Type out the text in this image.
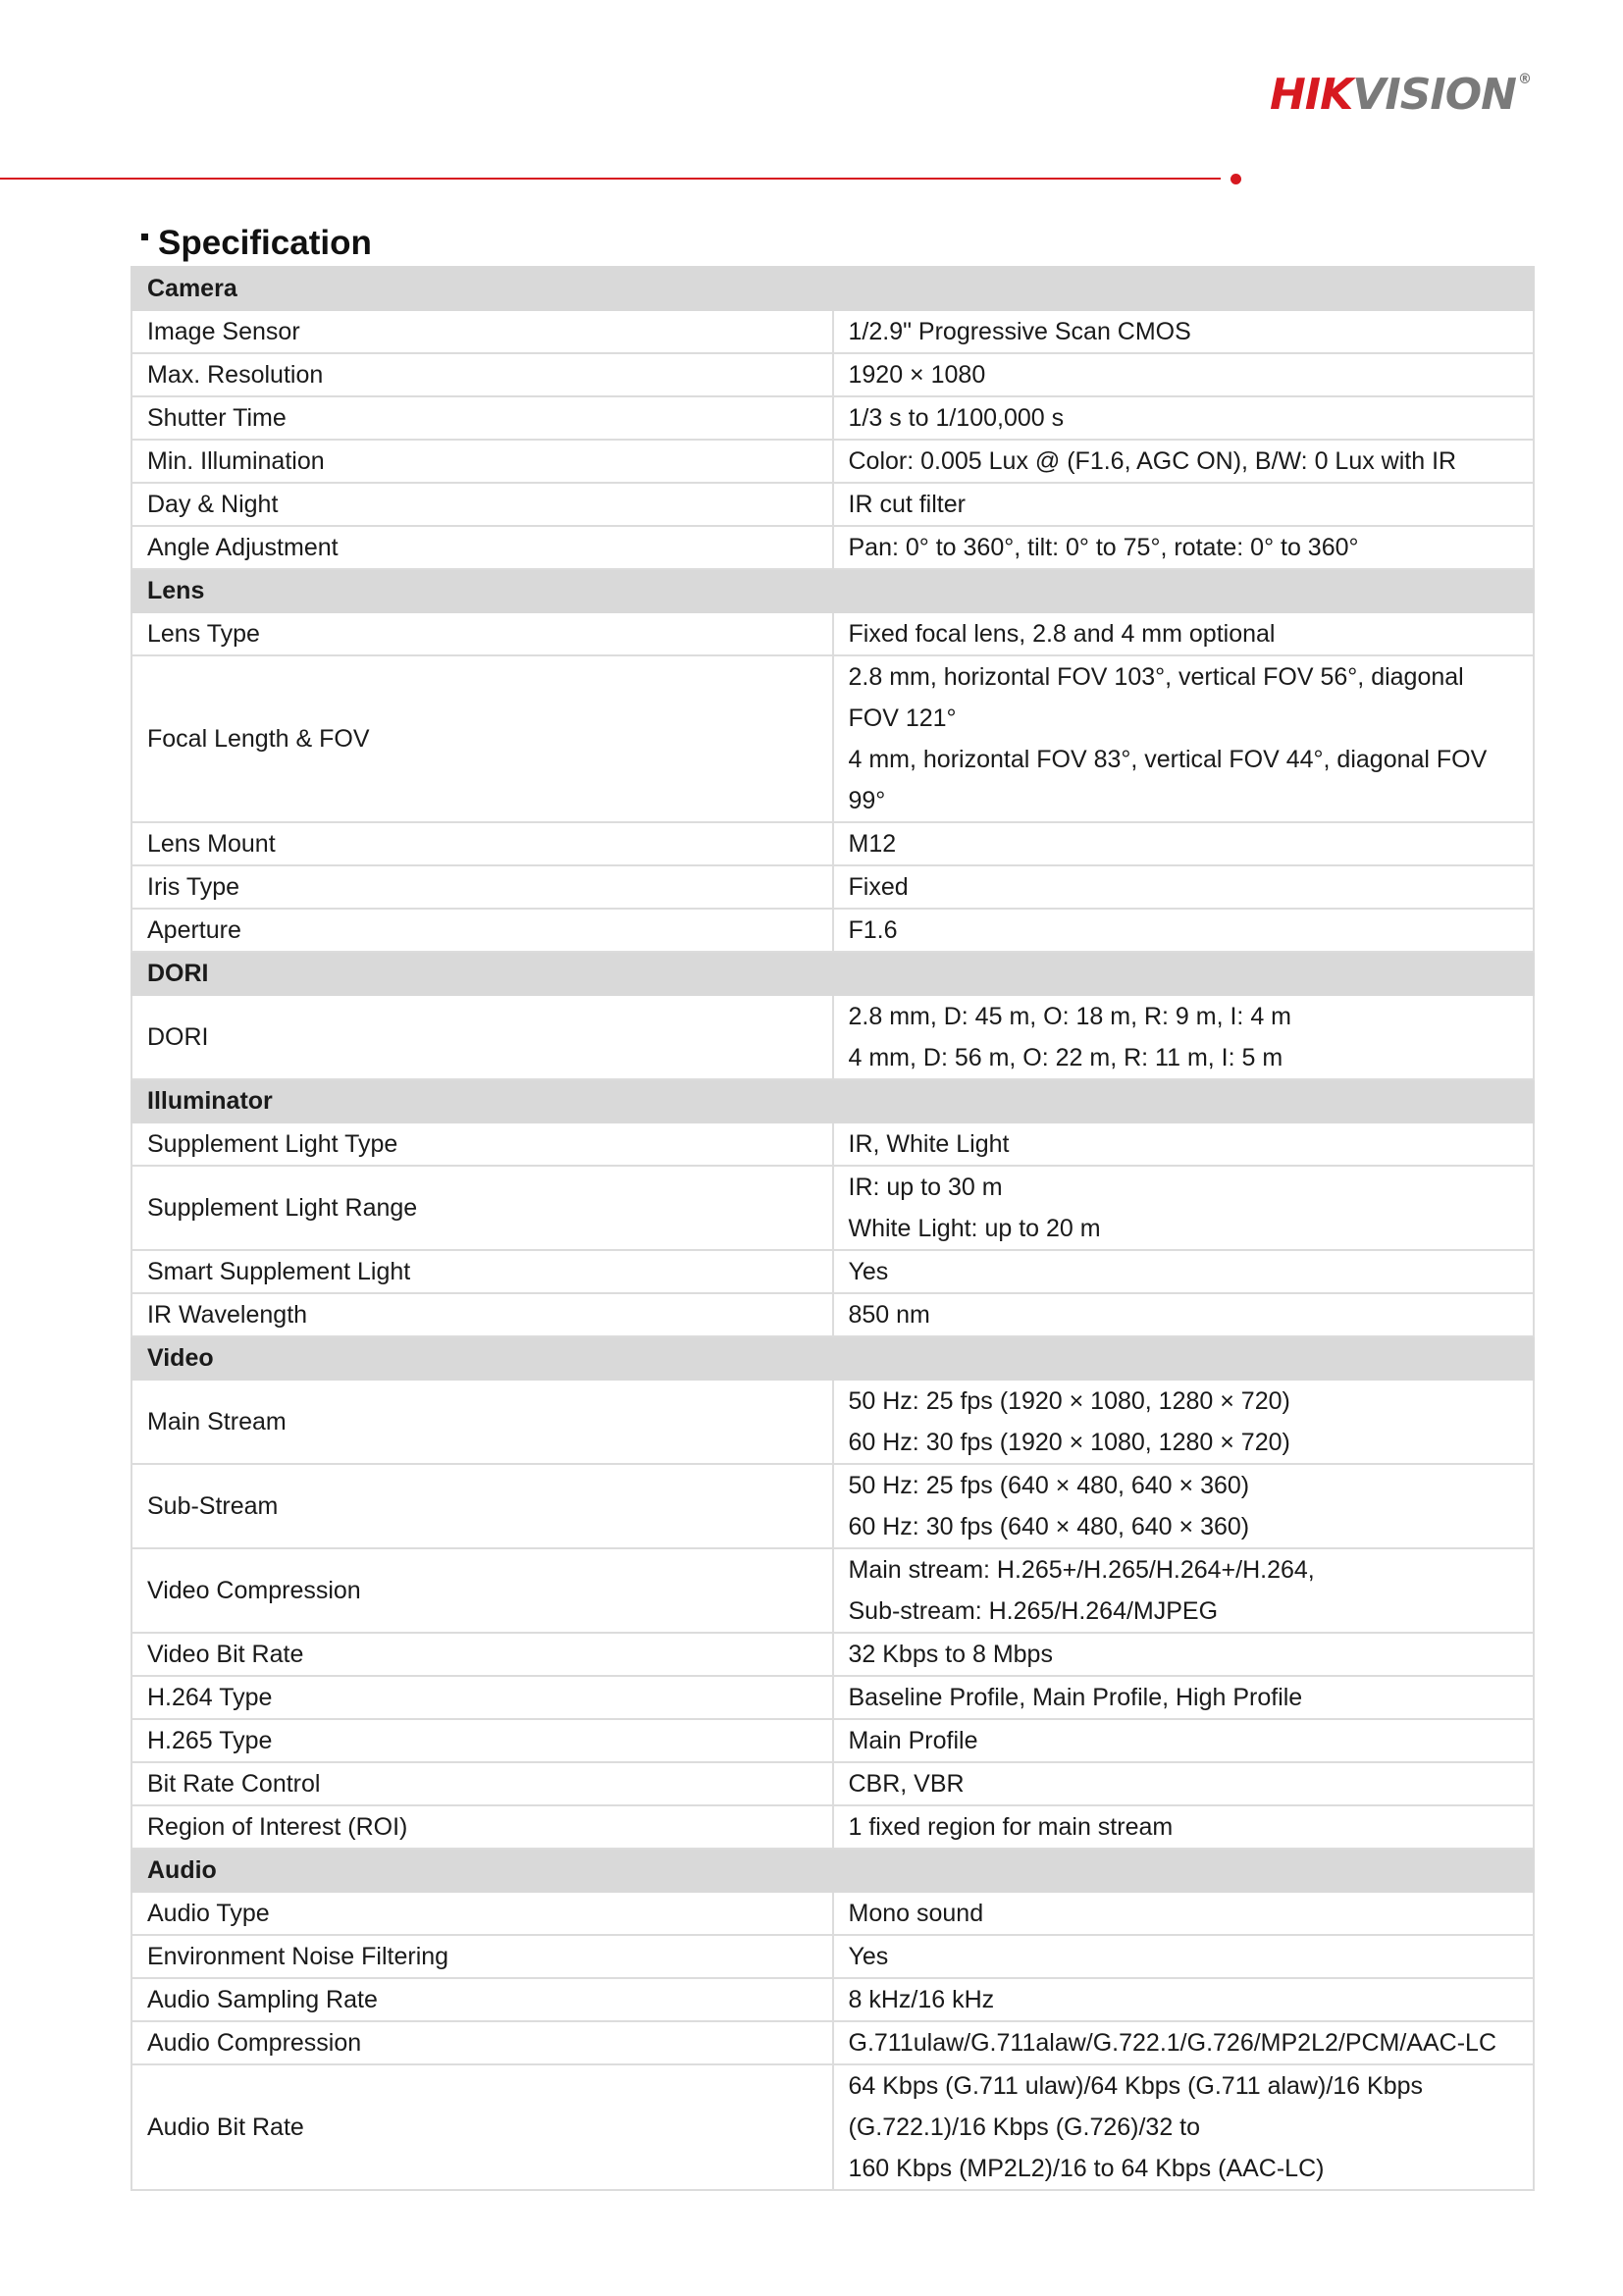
HIKVISION ®
Specification
Camera	
Image Sensor	1/2.9" Progressive Scan CMOS

Max. Resolution	1920 × 1080

Shutter Time	1/3 s to 1/100,000 s

Min. Illumination	Color: 0.005 Lux @ (F1.6, AGC ON), B/W: 0 Lux with IR

Day & Night	IR cut filter

Angle Adjustment	Pan: 0° to 360°, tilt: 0° to 75°, rotate: 0° to 360°

Lens	
Lens Type	Fixed focal lens, 2.8 and 4 mm optional

Focal Length & FOV	2.8 mm, horizontal FOV 103°, vertical FOV 56°, diagonal FOV 121°
4 mm, horizontal FOV 83°, vertical FOV 44°, diagonal FOV 99°

Lens Mount	M12

Iris Type	Fixed

Aperture	F1.6

DORI	
DORI	2.8 mm, D: 45 m, O: 18 m, R: 9 m, I: 4 m
4 mm, D: 56 m, O: 22 m, R: 11 m, I: 5 m

Illuminator	
Supplement Light Type	IR, White Light

Supplement Light Range	IR: up to 30 m
White Light: up to 20 m

Smart Supplement Light	Yes

IR Wavelength	850 nm

Video	
Main Stream	50 Hz: 25 fps (1920 × 1080, 1280 × 720)
60 Hz: 30 fps (1920 × 1080, 1280 × 720)

Sub-Stream	50 Hz: 25 fps (640 × 480, 640 × 360)
60 Hz: 30 fps (640 × 480, 640 × 360)

Video Compression	Main stream: H.265+/H.265/H.264+/H.264,
Sub-stream: H.265/H.264/MJPEG

Video Bit Rate	32 Kbps to 8 Mbps

H.264 Type	Baseline Profile, Main Profile, High Profile

H.265 Type	Main Profile

Bit Rate Control	CBR, VBR

Region of Interest (ROI)	1 fixed region for main stream

Audio	
Audio Type	Mono sound

Environment Noise Filtering	Yes

Audio Sampling Rate	8 kHz/16 kHz

Audio Compression	G.711ulaw/G.711alaw/G.722.1/G.726/MP2L2/PCM/AAC-LC

Audio Bit Rate	64 Kbps (G.711 ulaw)/64 Kbps (G.711 alaw)/16 Kbps (G.722.1)/16 Kbps (G.726)/32 to
160 Kbps (MP2L2)/16 to 64 Kbps (AAC-LC)
